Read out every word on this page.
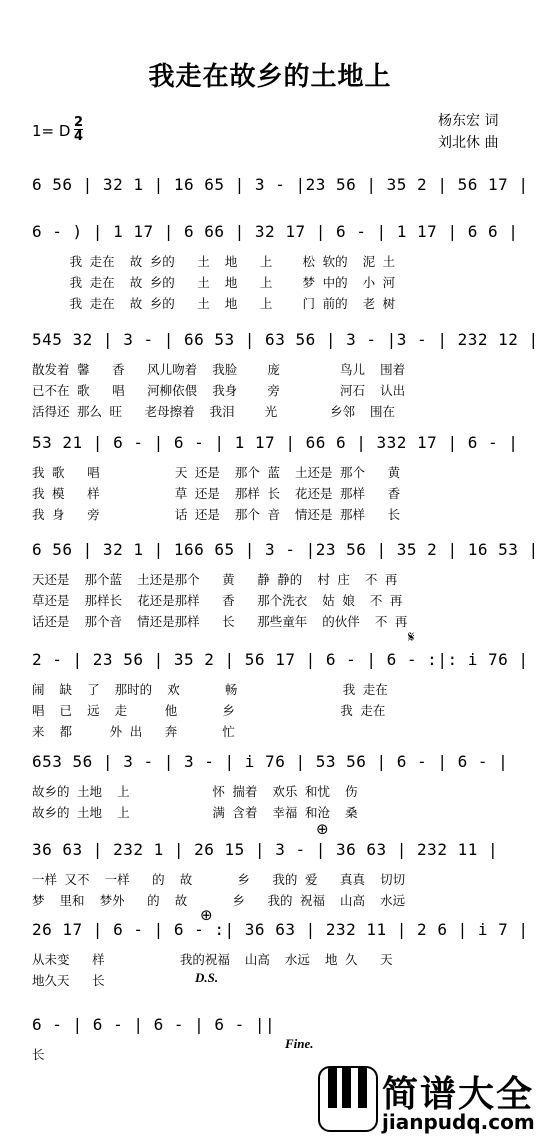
我走在故乡的土地上
1= D $\frac{2}{4}$	杨东宏 词
刘北休 曲
6 56 | 32 1 | 16 65 | 3 - |23 56 | 35 2 | 56 17 |
6 - ) | 1 17 | 6 66 | 32 17 | 6 - | 1 17 | 6 6 |
我 走在  故 乡的   土  地   上    松 软的  泥 土
我 走在  故 乡的   土  地   上    梦 中的  小 河
我 走在  故 乡的   土  地   上    门 前的  老 树
545 32 | 3 - | 66 53 | 63 56 | 3 - |3 - | 232 12 |
散发着 馨   香   风儿吻着  我脸    庞        鸟儿  围着
已不在 歌   唱   河柳依偎  我身    旁        河石  认出
活得还 那么 旺   老母擦着  我泪    光       乡邻  围在
53 21 | 6 - | 6 - | 1 17 | 66 6 | 332 17 | 6 - |
我 歌   唱          天 还是  那个 蓝  土还是 那个   黄
我 模   样          草 还是  那样 长  花还是 那样   香
我 身   旁          话 还是  那个 音  情还是 那样   长
6 56 | 32 1 | 166 65 | 3 - |23 56 | 35 2 | 16 53 |
天还是  那个蓝  土还是那个   黄   静 静的  村 庄  不 再
草还是  那样长  花还是那样   香   那个洗衣  姑 娘  不 再
话还是  那个音  情还是那样   长   那些童年  的伙伴  不 再
2 - | 23 56 | 35 2 | 56 17 | 6 - | 6 - :|: i 76 |
闹  缺  了  那时的  欢      畅              我 走在
唱  已  远  走     他      乡              我 走在
来  都     外 出   奔      忙
653 56 | 3 - | 3 - | i 76 | 53 56 | 6 - | 6 - |
故乡的 土地  上           怀 揣着  欢乐 和忧  伤
故乡的 土地  上           满 含着  幸福 和沧  桑
36 63 | 232 1 | 26 15 | 3 - | 36 63 | 232 11 |
一样 又不  一样   的  故      乡   我的 爱   真真  切切
梦  里和  梦外   的  故      乡   我的 祝福  山高  水远
26 17 | 6 - | 6 - :| 36 63 | 232 11 | 2 6 | i 7 |
从未变   样          我的祝福  山高  水远  地 久   天
地久天   长
6 - | 6 - | 6 - | 6 - ||
长
D.S.
Fine.
𝄋
⊕
⊕
简谱大全
jianpudq.com
